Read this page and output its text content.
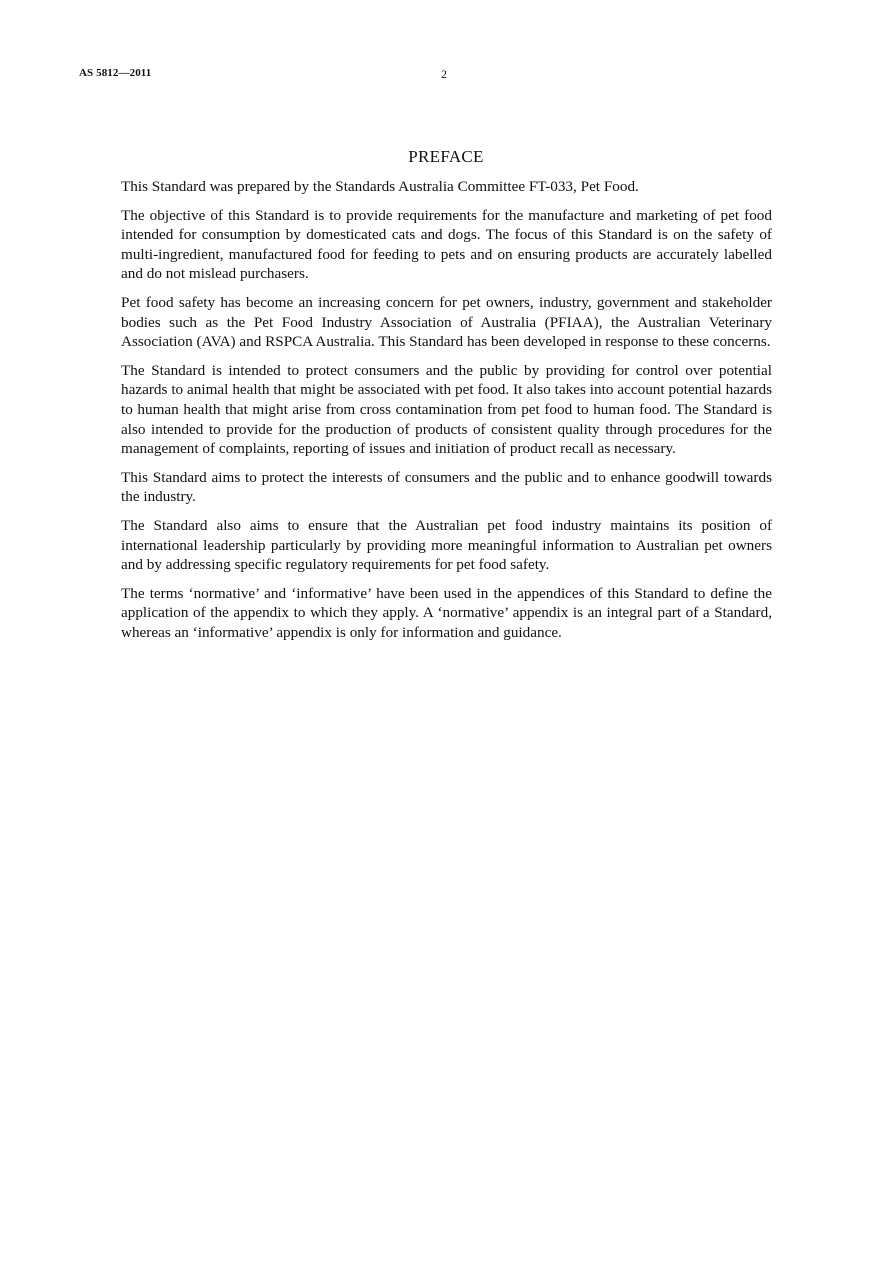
AS 5812—2011	2
PREFACE

This Standard was prepared by the Standards Australia Committee FT-033, Pet Food.

The objective of this Standard is to provide requirements for the manufacture and marketing of pet food intended for consumption by domesticated cats and dogs. The focus of this Standard is on the safety of multi-ingredient, manufactured food for feeding to pets and on ensuring products are accurately labelled and do not mislead purchasers.

Pet food safety has become an increasing concern for pet owners, industry, government and stakeholder bodies such as the Pet Food Industry Association of Australia (PFIAA), the Australian Veterinary Association (AVA) and RSPCA Australia. This Standard has been developed in response to these concerns.

The Standard is intended to protect consumers and the public by providing for control over potential hazards to animal health that might be associated with pet food. It also takes into account potential hazards to human health that might arise from cross contamination from pet food to human food. The Standard is also intended to provide for the production of products of consistent quality through procedures for the management of complaints, reporting of issues and initiation of product recall as necessary.

This Standard aims to protect the interests of consumers and the public and to enhance goodwill towards the industry.

The Standard also aims to ensure that the Australian pet food industry maintains its position of international leadership particularly by providing more meaningful information to Australian pet owners and by addressing specific regulatory requirements for pet food safety.

The terms ‘normative’ and ‘informative’ have been used in the appendices of this Standard to define the application of the appendix to which they apply. A ‘normative’ appendix is an integral part of a Standard, whereas an ‘informative’ appendix is only for information and guidance.
